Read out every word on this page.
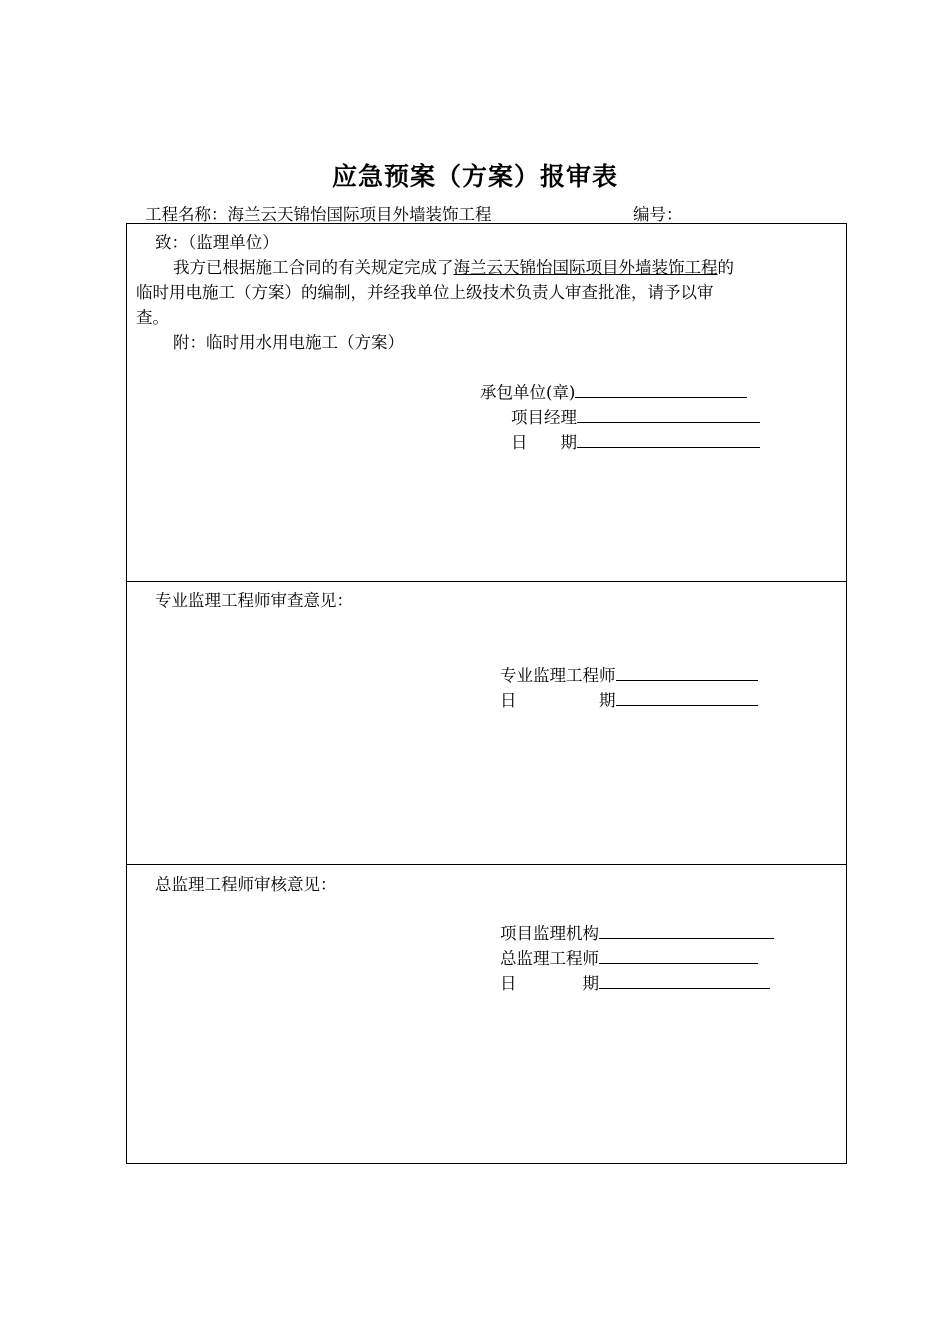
应急预案（方案）报审表
工程名称：海兰云天锦怡国际项目外墙装饰工程	编号：
致：（监理单位）
我方已根据施工合同的有关规定完成了海兰云天锦怡国际项目外墙装饰工程的
临时用电施工（方案）的编制，并经我单位上级技术负责人审查批准，请予以审
查。
附：临时用水用电施工（方案）
承包单位(章)
项目经理
日　　期
专业监理工程师审查意见：
专业监理工程师
日　　　　　期
总监理工程师审核意见：
项目监理机构
总监理工程师
日　　　　期
